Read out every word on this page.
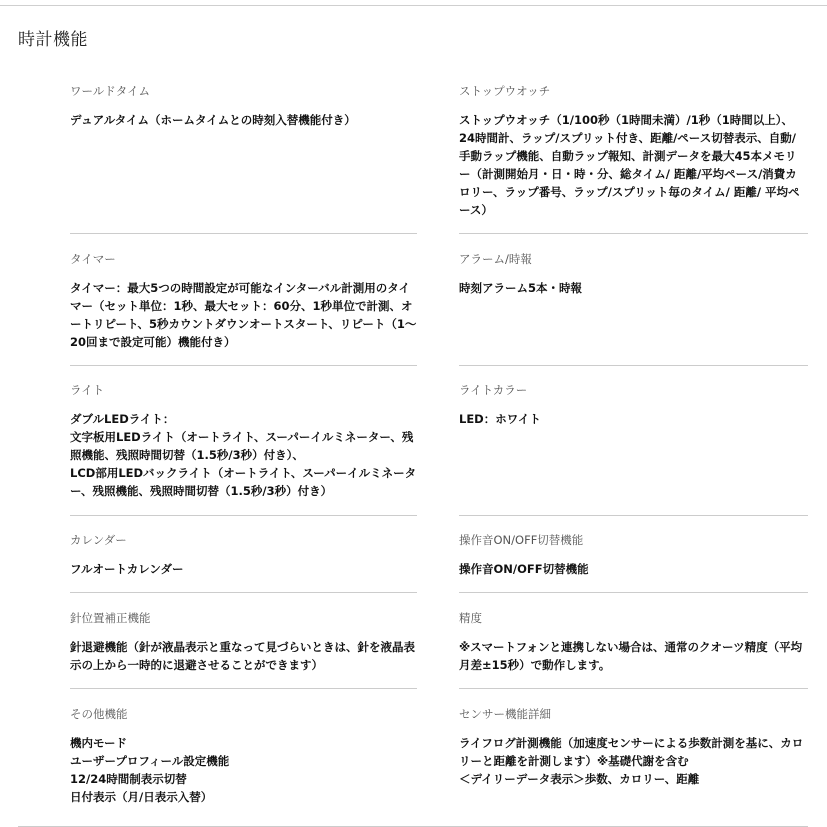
時計機能

ワールドタイム

デュアルタイム（ホームタイムとの時刻入替機能付き）

ストップウオッチ

ストップウオッチ（1/100秒（1時間未満）/1秒（1時間以上）、24時間計、ラップ/スプリット付き、距離/ペース切替表示、自動/ 手動ラップ機能、自動ラップ報知、計測データを最大45本メモリー（計測開始月・日・時・分、総タイム/ 距離/平均ペース/消費カロリー、ラップ番号、ラップ/スプリット毎のタイム/ 距離/ 平均ペース）

タイマー

タイマー：最大5つの時間設定が可能なインターバル計測用のタイマー（セット単位：1秒、最大セット：60分、1秒単位で計測、オートリピート、5秒カウントダウンオートスタート、リピート（1～20回まで設定可能）機能付き）

アラーム/時報

時刻アラーム5本・時報

ライト

ダブルLEDライト：
文字板用LEDライト（オートライト、スーパーイルミネーター、残照機能、残照時間切替（1.5秒/3秒）付き）、
LCD部用LEDバックライト（オートライト、スーパーイルミネーター、残照機能、残照時間切替（1.5秒/3秒）付き）

ライトカラー

LED：ホワイト

カレンダー

フルオートカレンダー

操作音ON/OFF切替機能

操作音ON/OFF切替機能

針位置補正機能

針退避機能（針が液晶表示と重なって見づらいときは、針を液晶表示の上から一時的に退避させることができます）

精度

※スマートフォンと連携しない場合は、通常のクオーツ精度（平均月差±15秒）で動作します。

その他機能

機内モード
ユーザープロフィール設定機能
12/24時間制表示切替
日付表示（月/日表示入替）

センサー機能詳細

ライフログ計測機能（加速度センサーによる歩数計測を基に、カロリーと距離を計測します）※基礎代謝を含む
＜デイリーデータ表示＞歩数、カロリー、距離
